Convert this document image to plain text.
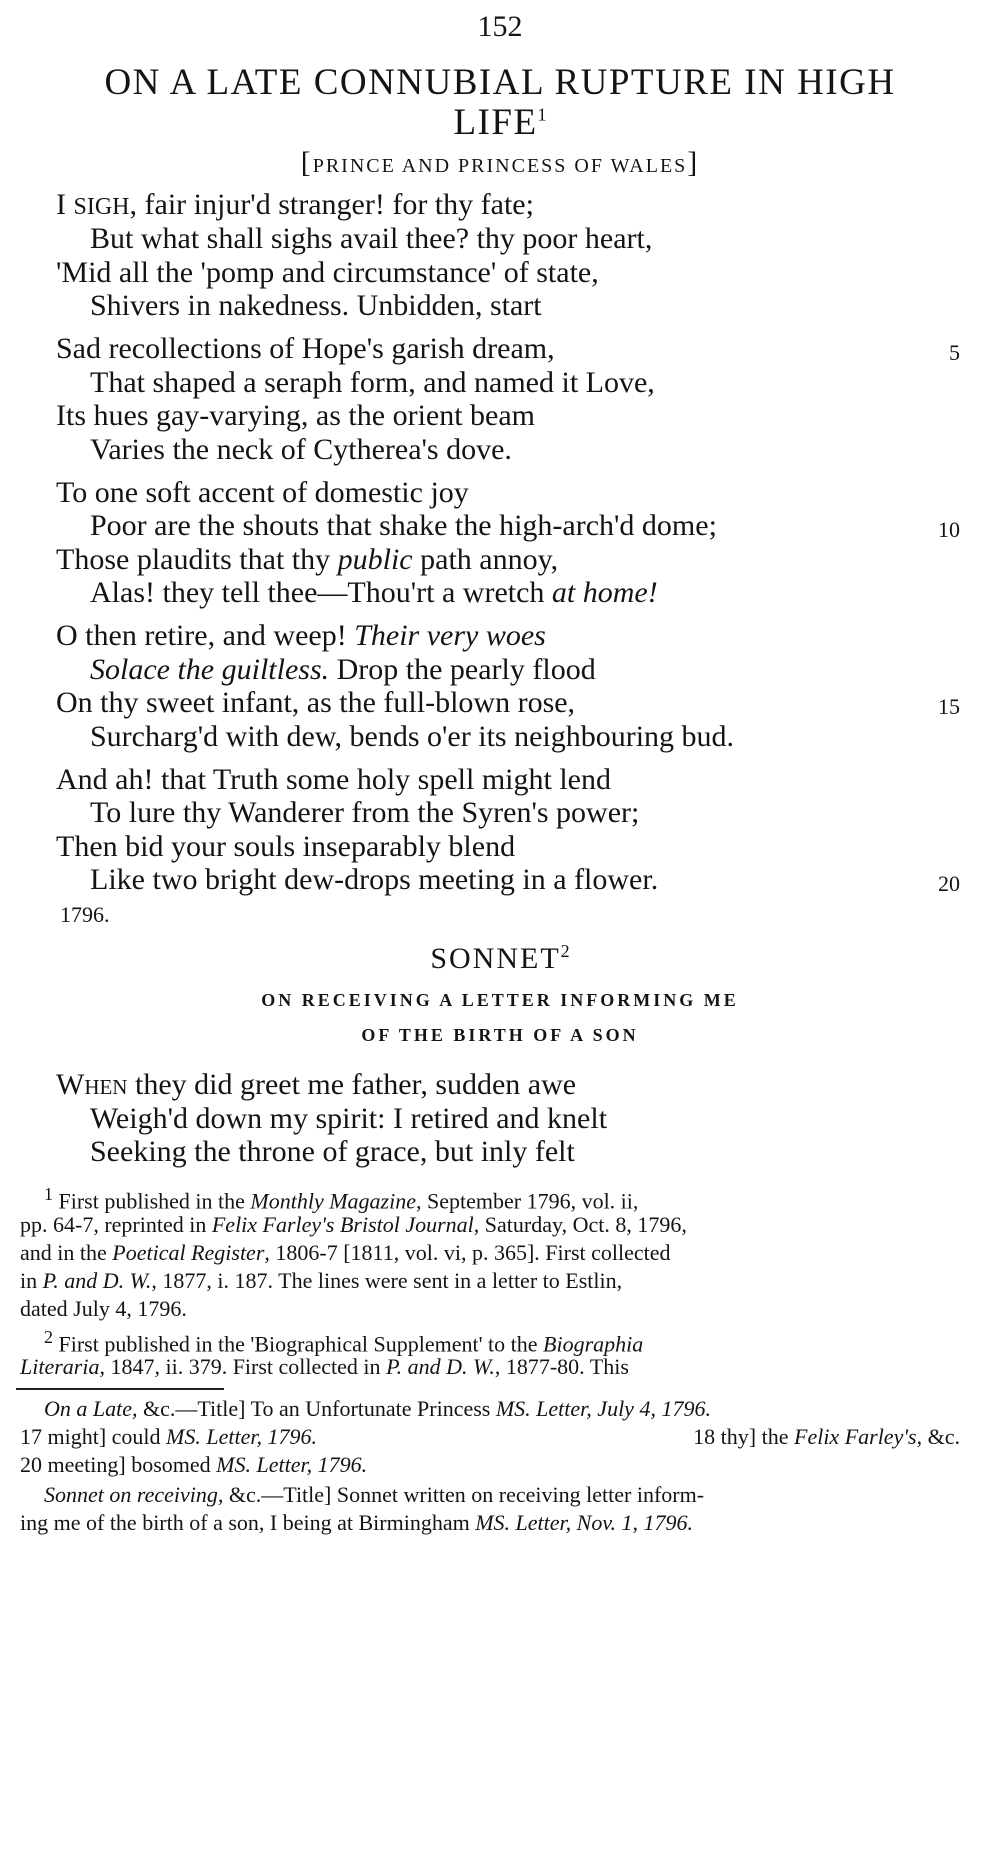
152
ON A LATE CONNUBIAL RUPTURE IN HIGH
LIFE$^1$
[PRINCE AND PRINCESS OF WALES]
I SIGH, fair injur'd stranger! for thy fate;
But what shall sighs avail thee? thy poor heart,
'Mid all the 'pomp and circumstance' of state,
Shivers in nakedness. Unbidden, start
Sad recollections of Hope's garish dream,	5
That shaped a seraph form, and named it Love,
Its hues gay-varying, as the orient beam
Varies the neck of Cytherea's dove.
To one soft accent of domestic joy
Poor are the shouts that shake the high-arch'd dome;	10
Those plaudits that thy public path annoy,
Alas! they tell thee—Thou'rt a wretch at home!
O then retire, and weep! Their very woes
Solace the guiltless. Drop the pearly flood
On thy sweet infant, as the full-blown rose,	15
Surcharg'd with dew, bends o'er its neighbouring bud.
And ah! that Truth some holy spell might lend
To lure thy Wanderer from the Syren's power;
Then bid your souls inseparably blend
Like two bright dew-drops meeting in a flower.	20
1796.
SONNET$^2$
ON RECEIVING A LETTER INFORMING ME
OF THE BIRTH OF A SON
When they did greet me father, sudden awe
Weigh'd down my spirit: I retired and knelt
Seeking the throne of grace, but inly felt
$^1$ First published in the Monthly Magazine, September 1796, vol. ii,
pp. 64-7, reprinted in Felix Farley's Bristol Journal, Saturday, Oct. 8, 1796,
and in the Poetical Register, 1806-7 [1811, vol. vi, p. 365]. First collected
in P. and D. W., 1877, i. 187. The lines were sent in a letter to Estlin,
dated July 4, 1796.
$^2$ First published in the 'Biographical Supplement' to the Biographia
Literaria, 1847, ii. 379. First collected in P. and D. W., 1877-80. This
On a Late, &c.—Title] To an Unfortunate Princess MS. Letter, July 4, 1796.
17 might] could MS. Letter, 1796.	18 thy] the Felix Farley's, &c.
20 meeting] bosomed MS. Letter, 1796.
Sonnet on receiving, &c.—Title] Sonnet written on receiving letter inform-
ing me of the birth of a son, I being at Birmingham MS. Letter, Nov. 1, 1796.
